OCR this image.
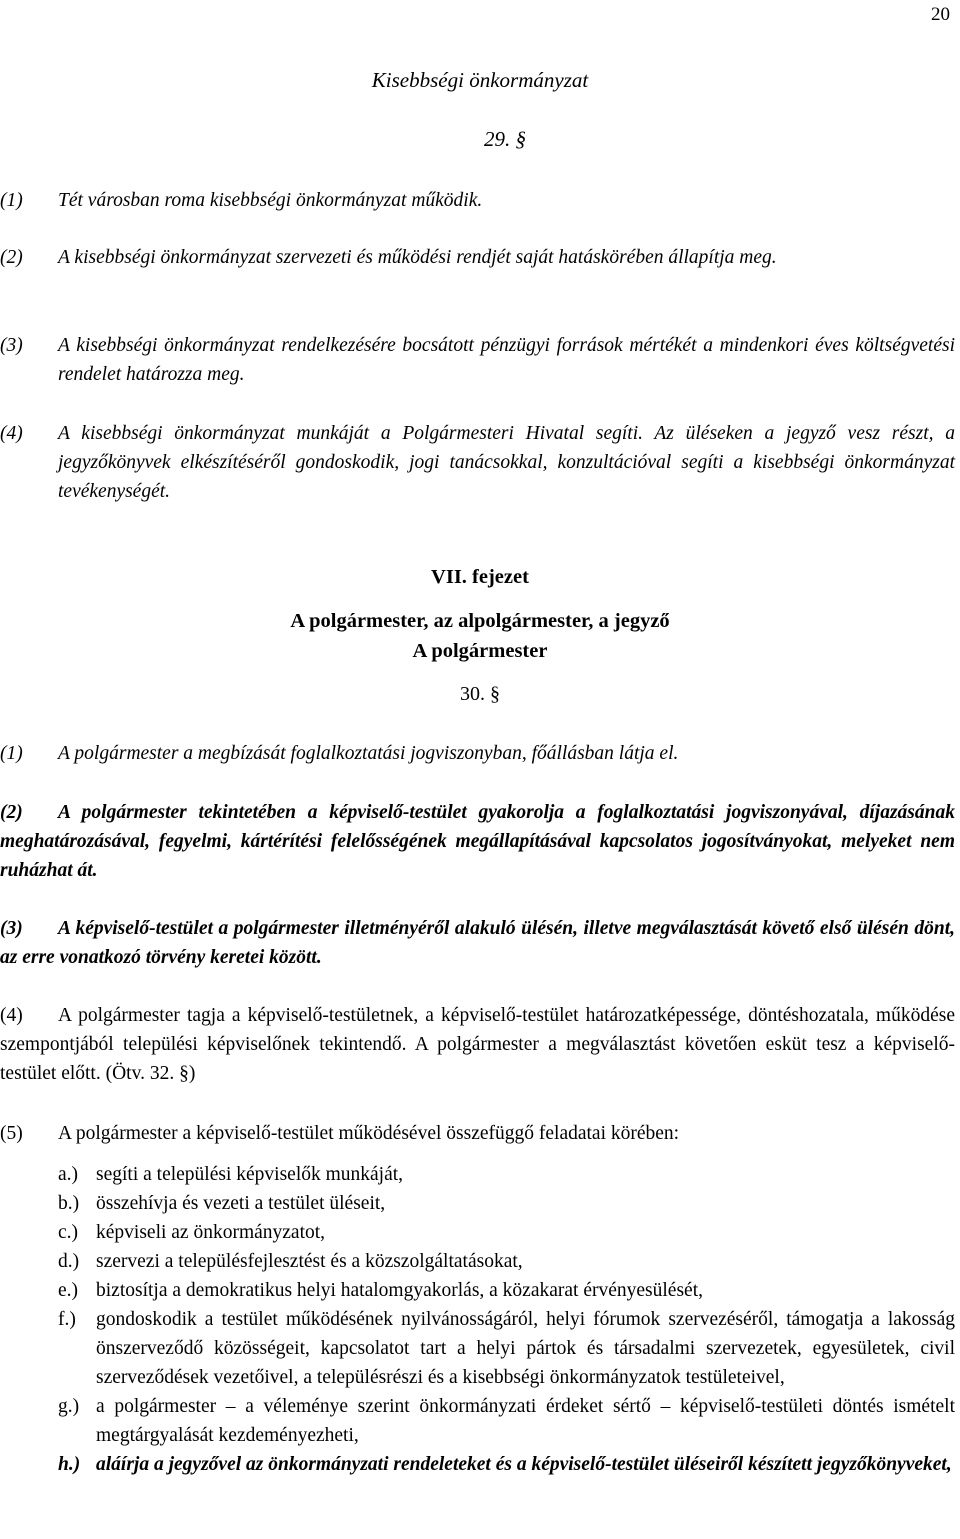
20
Kisebbségi önkormányzat
29. §
(1) Tét városban roma kisebbségi önkormányzat működik.
(2)	A kisebbségi önkormányzat szervezeti és működési rendjét saját hatáskörében állapítja meg.
(3) A kisebbségi önkormányzat rendelkezésére bocsátott pénzügyi források mértékét a mindenkori éves költségvetési rendelet határozza meg.
(4) A kisebbségi önkormányzat munkáját a Polgármesteri Hivatal segíti. Az üléseken a jegyző vesz részt, a jegyzőkönyvek elkészítéséről gondoskodik, jogi tanácsokkal, konzultációval segíti a kisebbségi önkormányzat tevékenységét.
VII. fejezet
A polgármester, az alpolgármester, a jegyző
A polgármester
30. §
(1) A polgármester a megbízását foglalkoztatási jogviszonyban, főállásban látja el.
(2)	A polgármester tekintetében a képviselő-testület gyakorolja a foglalkoztatási jogviszonyával, díjazásának meghatározásával, fegyelmi, kártérítési felelősségének megállapításával kapcsolatos jogosítványokat, melyeket nem ruházhat át.
(3)	A képviselő-testület a polgármester illetményéről alakuló ülésén, illetve megválasztását követő első ülésén dönt, az erre vonatkozó törvény keretei között.
(4)	A polgármester tagja a képviselő-testületnek, a képviselő-testület határozatképessége, döntéshozatala, működése szempontjából települési képviselőnek tekintendő. A polgármester a megválasztást követően esküt tesz a képviselő-testület előtt. (Ötv. 32. §)
(5) A polgármester a képviselő-testület működésével összefüggő feladatai körében:
a.) segíti a települési képviselők munkáját,
b.) összehívja és vezeti a testület üléseit,
c.) képviseli az önkormányzatot,
d.) szervezi a településfejlesztést és a közszolgáltatásokat,
e.) biztosítja a demokratikus helyi hatalomgyakorlás, a közakarat érvényesülését,
f.) gondoskodik a testület működésének nyilvánosságáról, helyi fórumok szervezéséről, támogatja a lakosság önszerveződő közösségeit, kapcsolatot tart a helyi pártok és társadalmi szervezetek, egyesületek, civil szerveződések vezetőivel, a településrészi és a kisebbségi önkormányzatok testületeivel,
g.) a polgármester – a véleménye szerint önkormányzati érdeket sértő – képviselő-testületi döntés ismételt megtárgyalását kezdeményezheti,
h.) aláírja a jegyzővel az önkormányzati rendeleteket és a képviselő-testület üléseiről készített jegyzőkönyveket,
